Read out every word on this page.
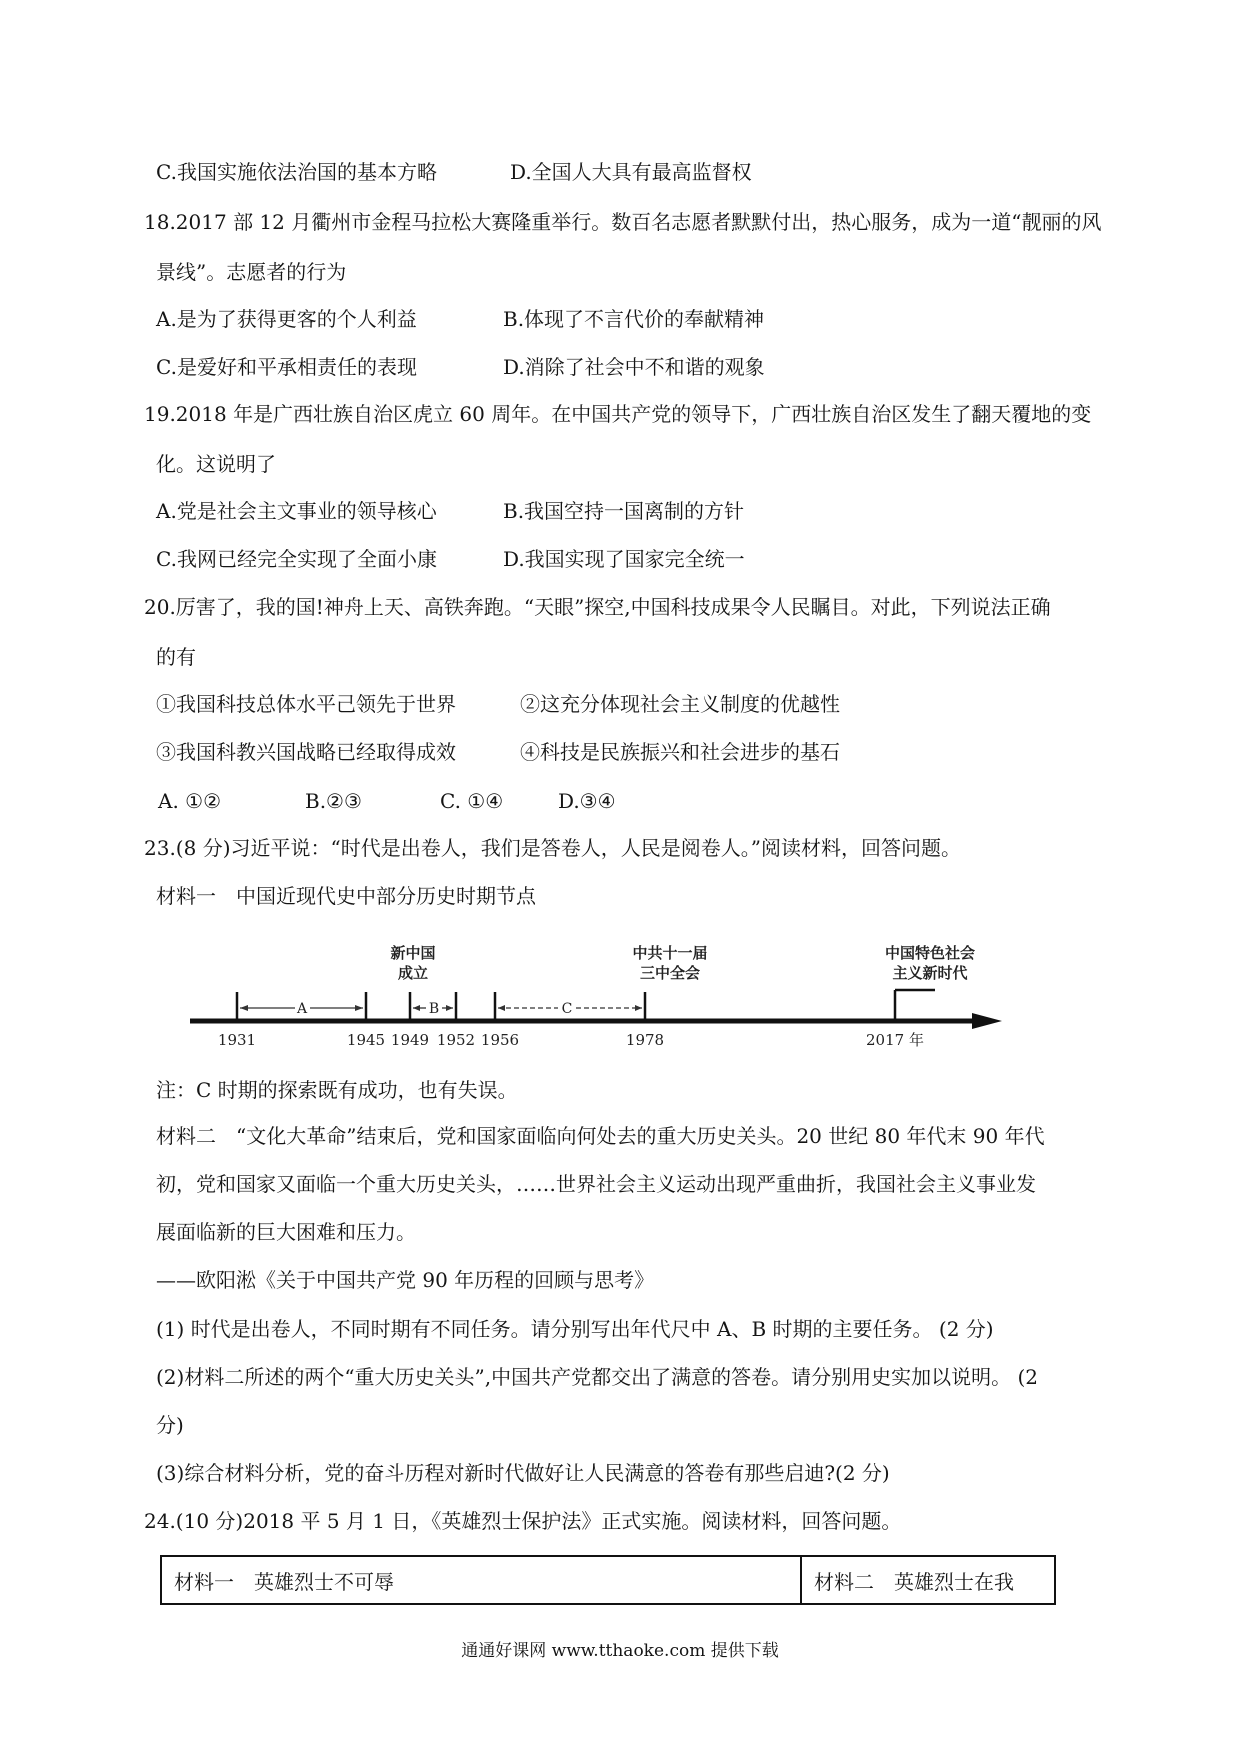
C.我国实施依法治国的基本方略	D.全国人大具有最高监督权
18.2017 部 12 月衢州市金程马拉松大赛隆重举行。数百名志愿者默默付出，热心服务，成为一道“靓丽的风
景线”。志愿者的行为
A.是为了获得更客的个人利益	B.体现了不言代价的奉献精神
C.是爱好和平承相责任的表现	D.消除了社会中不和谐的观象
19.2018 年是广西壮族自治区虎立 60 周年。在中国共产党的领导下，广西壮族自治区发生了翻天覆地的变
化。这说明了
A.党是社会主文事业的领导核心	B.我国空持一国离制的方针
C.我网已经完全实现了全面小康	D.我国实现了国家完全统一
20.厉害了，我的国!神舟上天、高铁奔跑。“天眼”探空,中国科技成果令人民瞩目。对此，下列说法正确
的有
①我国科技总体水平己领先于世界	②这充分体现社会主义制度的优越性
③我国科教兴国战略已经取得成效	④科技是民族振兴和社会进步的基石
A. ①②	B.②③	C. ①④	D.③④
23.(8 分)习近平说：“时代是出卷人，我们是答卷人，人民是阅卷人。”阅读材料，回答问题。
材料一　中国近现代史中部分历史时期节点
新中国
成立
中共十一届
三中全会
中国特色社会
主义新时代
A	B	C
1931	1945 1949 1952 1956	1978	2017 年
注：C 时期的探索既有成功，也有失误。
材料二　“文化大革命”结束后，党和国家面临向何处去的重大历史关头。20 世纪 80 年代末 90 年代
初，党和国家又面临一个重大历史关头，……世界社会主义运动出现严重曲折，我国社会主义事业发
展面临新的巨大困难和压力。
——欧阳淞《关于中国共产党 90 年历程的回顾与思考》
(1) 时代是出卷人，不同时期有不同任务。请分别写出年代尺中 A、B 时期的主要任务。 (2 分)
(2)材料二所述的两个“重大历史关头”,中国共产党都交出了满意的答卷。请分别用史实加以说明。 (2
分)
(3)综合材料分析，党的奋斗历程对新时代做好让人民满意的答卷有那些启迪?(2 分)
24.(10 分)2018 平 5 月 1 日，《英雄烈士保护法》正式实施。阅读材料，回答问题。
材料一　英雄烈士不可辱	材料二　英雄烈士在我
通通好课网 www.tthaoke.com 提供下载
